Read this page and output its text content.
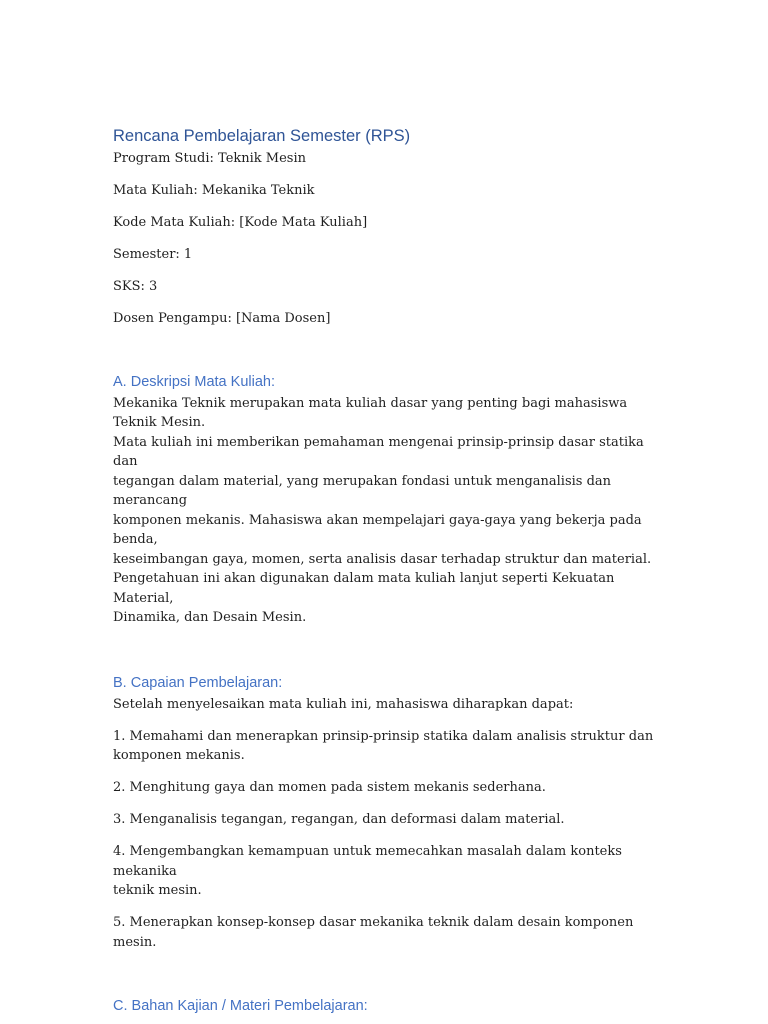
Rencana Pembelajaran Semester (RPS)

Program Studi: Teknik Mesin

Mata Kuliah: Mekanika Teknik

Kode Mata Kuliah: [Kode Mata Kuliah]

Semester: 1

SKS: 3

Dosen Pengampu: [Nama Dosen]

A. Deskripsi Mata Kuliah:
Mekanika Teknik merupakan mata kuliah dasar yang penting bagi mahasiswa Teknik Mesin.
Mata kuliah ini memberikan pemahaman mengenai prinsip-prinsip dasar statika dan
tegangan dalam material, yang merupakan fondasi untuk menganalisis dan merancang
komponen mekanis. Mahasiswa akan mempelajari gaya-gaya yang bekerja pada benda,
keseimbangan gaya, momen, serta analisis dasar terhadap struktur dan material.
Pengetahuan ini akan digunakan dalam mata kuliah lanjut seperti Kekuatan Material,
Dinamika, dan Desain Mesin.
B. Capaian Pembelajaran:

Setelah menyelesaikan mata kuliah ini, mahasiswa diharapkan dapat:

1. Memahami dan menerapkan prinsip-prinsip statika dalam analisis struktur dan
komponen mekanis.
2. Menghitung gaya dan momen pada sistem mekanis sederhana.
3. Menganalisis tegangan, regangan, dan deformasi dalam material.
4. Mengembangkan kemampuan untuk memecahkan masalah dalam konteks mekanika
teknik mesin.
5. Menerapkan konsep-konsep dasar mekanika teknik dalam desain komponen mesin.
C. Bahan Kajian / Materi Pembelajaran:
